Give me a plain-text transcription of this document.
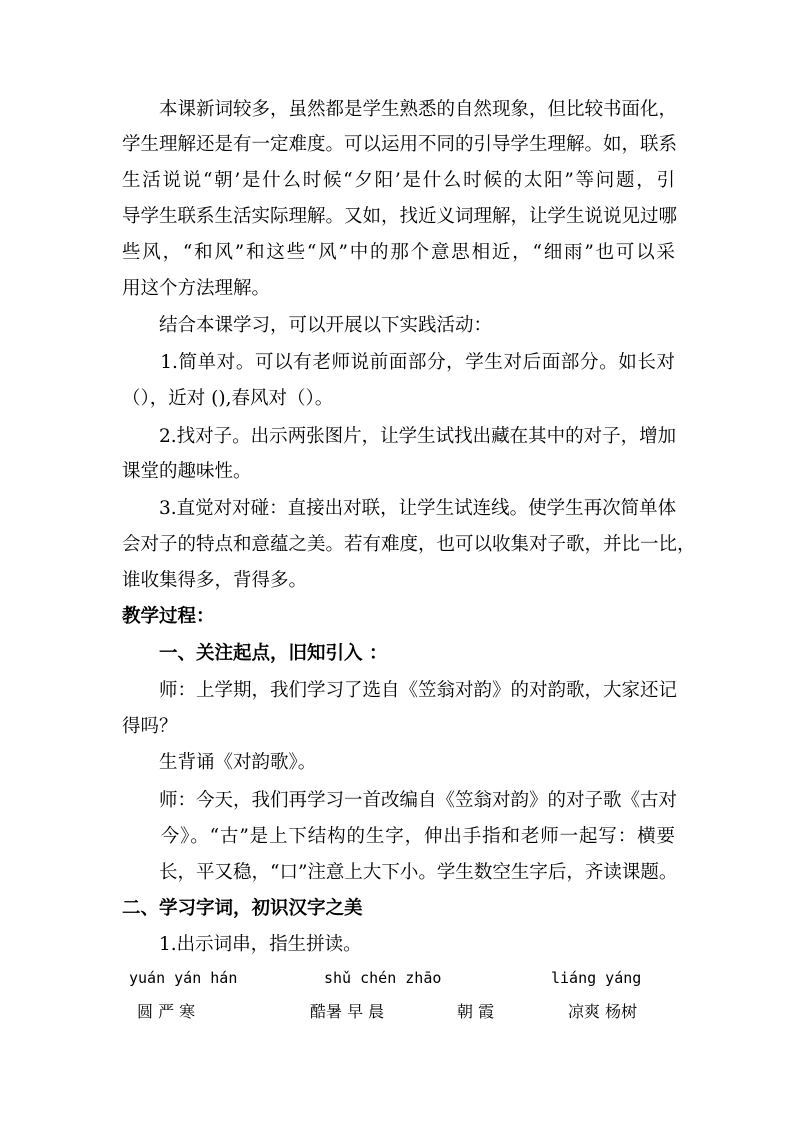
　　本课新词较多，虽然都是学生熟悉的自然现象，但比较书面化，
学生理解还是有一定难度。可以运用不同的引导学生理解。如，联系
生活说说“朝’是什么时候“夕阳’是什么时候的太阳”等问题，引
导学生联系生活实际理解。又如，找近义词理解，让学生说说见过哪
些风，“和风”和这些“风”中的那个意思相近，“细雨”也可以采
用这个方法理解。
　　结合本课学习，可以开展以下实践活动：
　　1.简单对。可以有老师说前面部分，学生对后面部分。如长对
（），近对 (),春风对（）。
　　2.找对子。出示两张图片，让学生试找出藏在其中的对子，增加
课堂的趣味性。
　　3.直觉对对碰：直接出对联，让学生试连线。使学生再次简单体
会对子的特点和意蕴之美。若有难度，也可以收集对子歌，并比一比，
谁收集得多，背得多。
教学过程：
　　一、关注起点，旧知引入 ：
　　师：上学期，我们学习了选自《笠翁对韵》的对韵歌，大家还记
得吗？
　　生背诵《对韵歌》。
　　师：今天，我们再学习一首改编自《笠翁对韵》的对子歌《古对
　　今》。“古”是上下结构的生字，伸出手指和老师一起写：横要
　　长，平又稳，“口”注意上大下小。学生数空生字后，齐读课题。
二、学习字词，初识汉字之美
　　1.出示词串，指生拼读。
yuán yán hán	shǔ chén zhāo	liáng yáng
圆 严 寒	酷暑 早 晨	朝 霞	凉爽 杨树
